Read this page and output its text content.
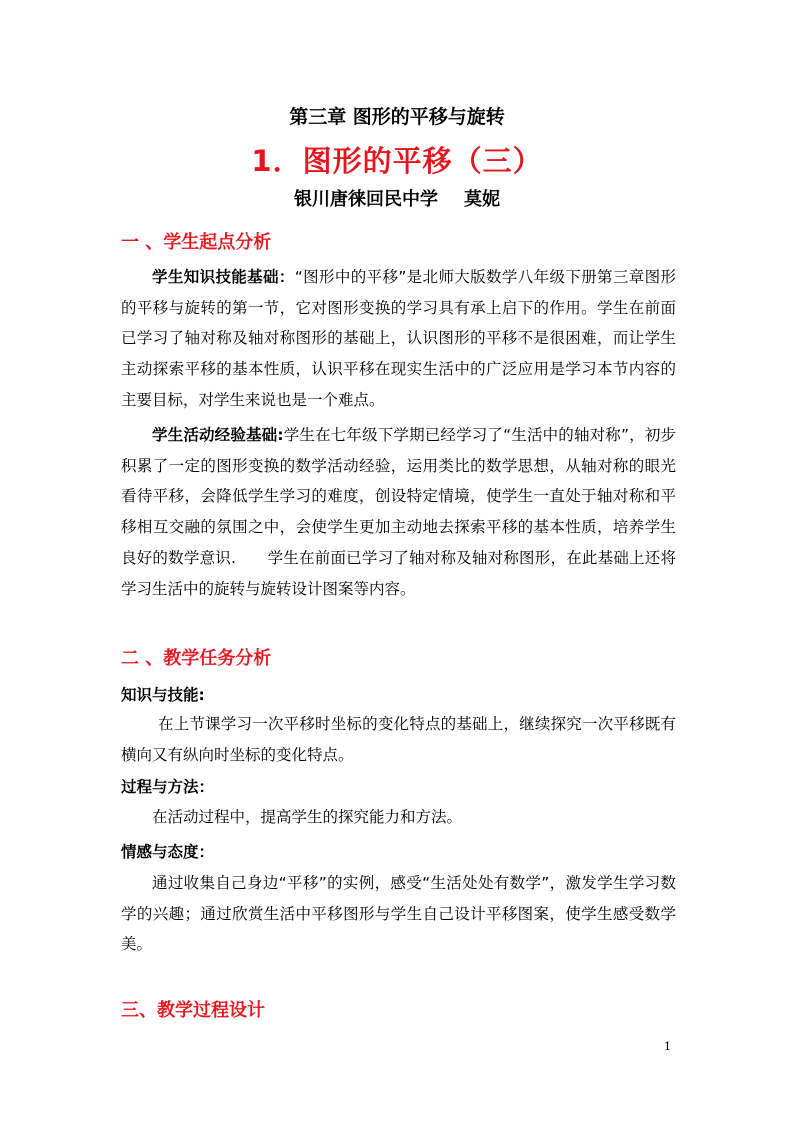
第三章 图形的平移与旋转
1．图形的平移（三）
银川唐徕回民中学 莫妮
一 、学生起点分析
学生知识技能基础：“图形中的平移”是北师大版数学八年级下册第三章图形的平移与旋转的第一节，它对图形变换的学习具有承上启下的作用。学生在前面已学习了轴对称及轴对称图形的基础上，认识图形的平移不是很困难，而让学生主动探索平移的基本性质，认识平移在现实生活中的广泛应用是学习本节内容的主要目标，对学生来说也是一个难点。
学生活动经验基础:学生在七年级下学期已经学习了“生活中的轴对称”，初步积累了一定的图形变换的数学活动经验，运用类比的数学思想，从轴对称的眼光看待平移，会降低学生学习的难度，创设特定情境，使学生一直处于轴对称和平移相互交融的氛围之中，会使学生更加主动地去探索平移的基本性质，培养学生良好的数学意识.　　学生在前面已学习了轴对称及轴对称图形，在此基础上还将学习生活中的旋转与旋转设计图案等内容。
二 、教学任务分析
知识与技能:
在上节课学习一次平移时坐标的变化特点的基础上，继续探究一次平移既有横向又有纵向时坐标的变化特点。
过程与方法：
在活动过程中，提高学生的探究能力和方法。
情感与态度：
通过收集自己身边“平移”的实例，感受“生活处处有数学”，激发学生学习数学的兴趣；通过欣赏生活中平移图形与学生自己设计平移图案，使学生感受数学美。
三、教学过程设计
1
